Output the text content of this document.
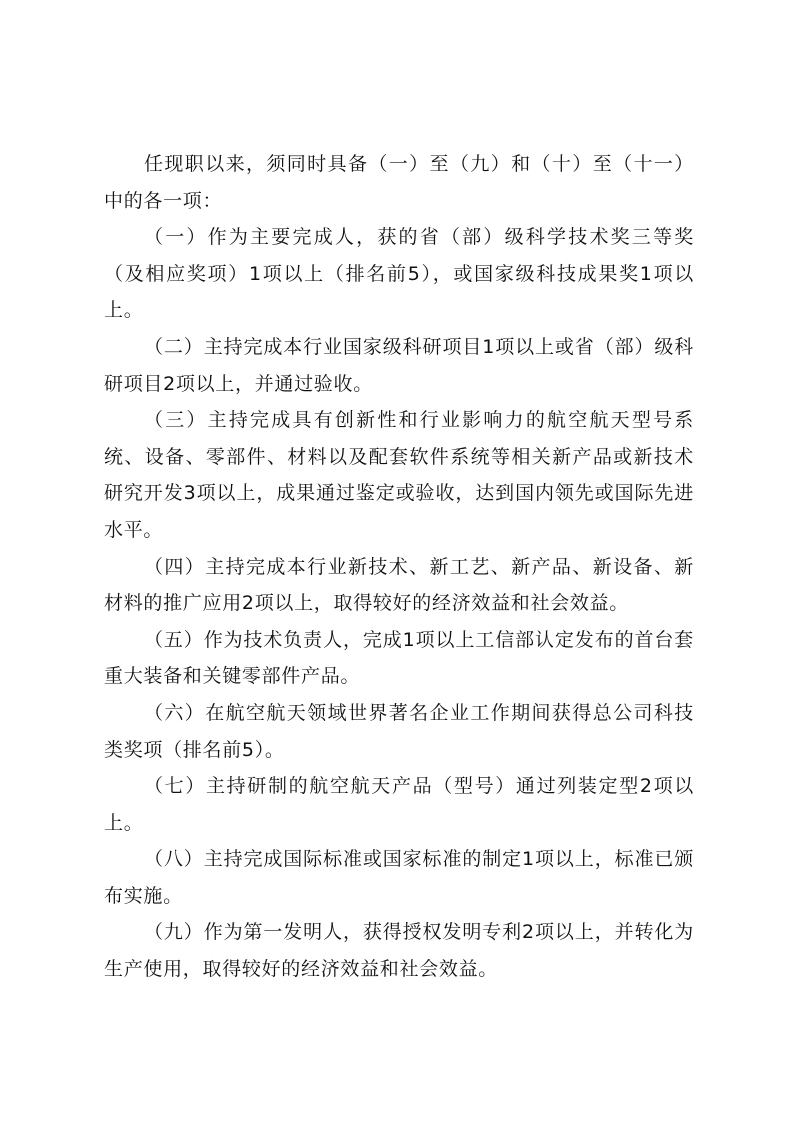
任现职以来，须同时具备（一）至（九）和（十）至（十一）中的各一项：

（一）作为主要完成人，获的省（部）级科学技术奖三等奖（及相应奖项）1项以上（排名前5），或国家级科技成果奖1项以上。

（二）主持完成本行业国家级科研项目1项以上或省（部）级科研项目2项以上，并通过验收。

（三）主持完成具有创新性和行业影响力的航空航天型号系统、设备、零部件、材料以及配套软件系统等相关新产品或新技术研究开发3项以上，成果通过鉴定或验收，达到国内领先或国际先进水平。

（四）主持完成本行业新技术、新工艺、新产品、新设备、新材料的推广应用2项以上，取得较好的经济效益和社会效益。

（五）作为技术负责人，完成1项以上工信部认定发布的首台套重大装备和关键零部件产品。

（六）在航空航天领域世界著名企业工作期间获得总公司科技类奖项（排名前5）。

（七）主持研制的航空航天产品（型号）通过列装定型2项以上。

（八）主持完成国际标准或国家标准的制定1项以上，标准已颁布实施。

（九）作为第一发明人，获得授权发明专利2项以上，并转化为生产使用，取得较好的经济效益和社会效益。
